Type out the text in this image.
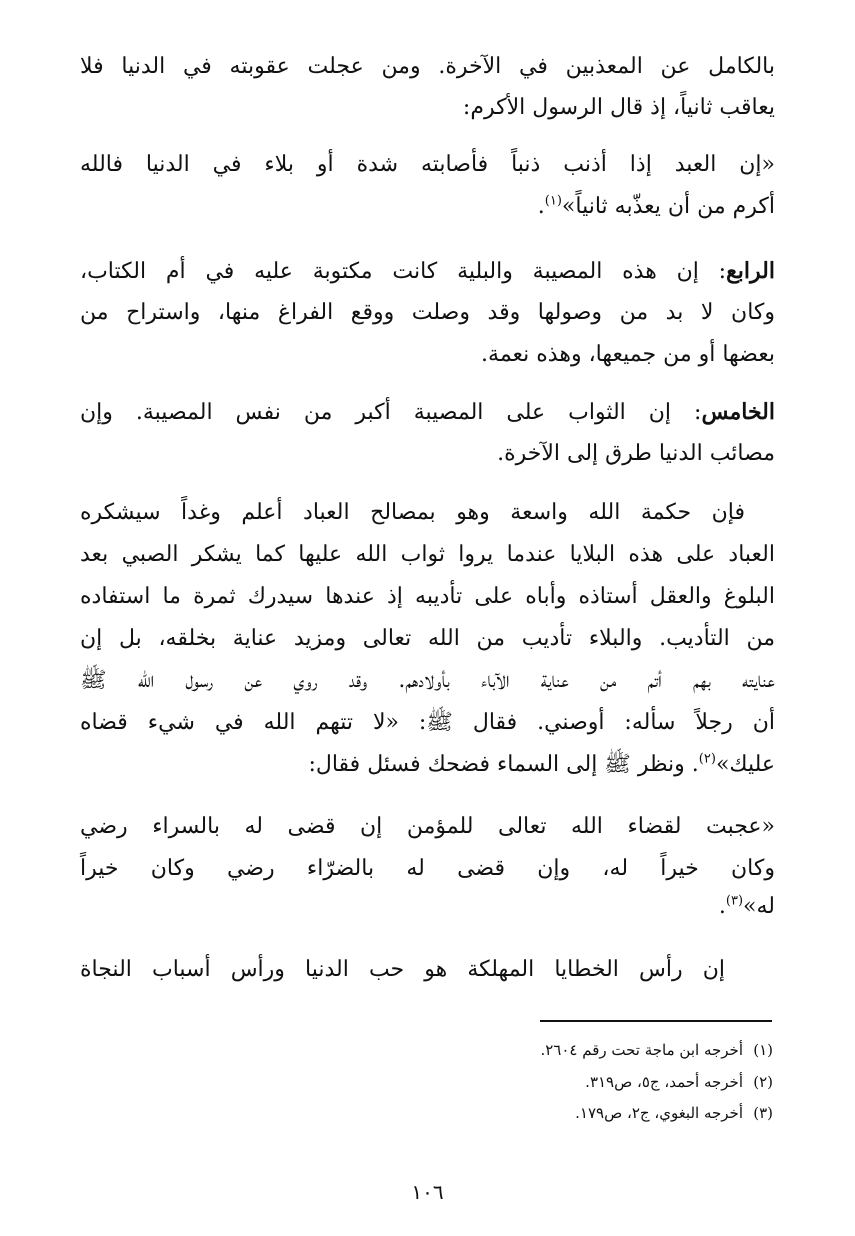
بالكامل عن المعذبين في الآخرة. ومن عجلت عقوبته في الدنيا فلا
يعاقب ثانياً، إذ قال الرسول الأكرم:
«إن العبد إذا أذنب ذنباً فأصابته شدة أو بلاء في الدنيا فالله
أكرم من أن يعذّبه ثانياً»$^{(١)}$.
الرابع: إن هذه المصيبة والبلية كانت مكتوبة عليه في أم الكتاب،
وكان لا بد من وصولها وقد وصلت ووقع الفراغ منها، واستراح من
بعضها أو من جميعها، وهذه نعمة.
الخامس: إن الثواب على المصيبة أكبر من نفس المصيبة. وإن
مصائب الدنيا طرق إلى الآخرة.
فإن حكمة الله واسعة وهو بمصالح العباد أعلم وغداً سيشكره
العباد على هذه البلايا عندما يروا ثواب الله عليها كما يشكر الصبي بعد
البلوغ والعقل أستاذه وأباه على تأديبه إذ عندها سيدرك ثمرة ما استفاده
من التأديب. والبلاء تأديب من الله تعالى ومزيد عناية بخلقه، بل إن
عنايته بهم أتم من عناية الآباء بأولادهم. وقد روي عن رسول الله ﷺ
أن رجلاً سأله: أوصني. فقال ﷺ: «لا تتهم الله في شيء قضاه
عليك»$^{(٢)}$. ونظر ﷺ إلى السماء فضحك فسئل فقال:
«عجبت لقضاء الله تعالى للمؤمن إن قضى له بالسراء رضي
وكان خيراً له، وإن قضى له بالضرّاء رضي وكان خيراً
له»$^{(٣)}$.
إن رأس الخطايا المهلكة هو حب الدنيا ورأس أسباب النجاة
(١)أخرجه ابن ماجة تحت رقم ٢٦٠٤.
(٢)أخرجه أحمد، ج٥، ص٣١٩.
(٣)أخرجه البغوي، ج٢، ص١٧٩.
١٠٦
